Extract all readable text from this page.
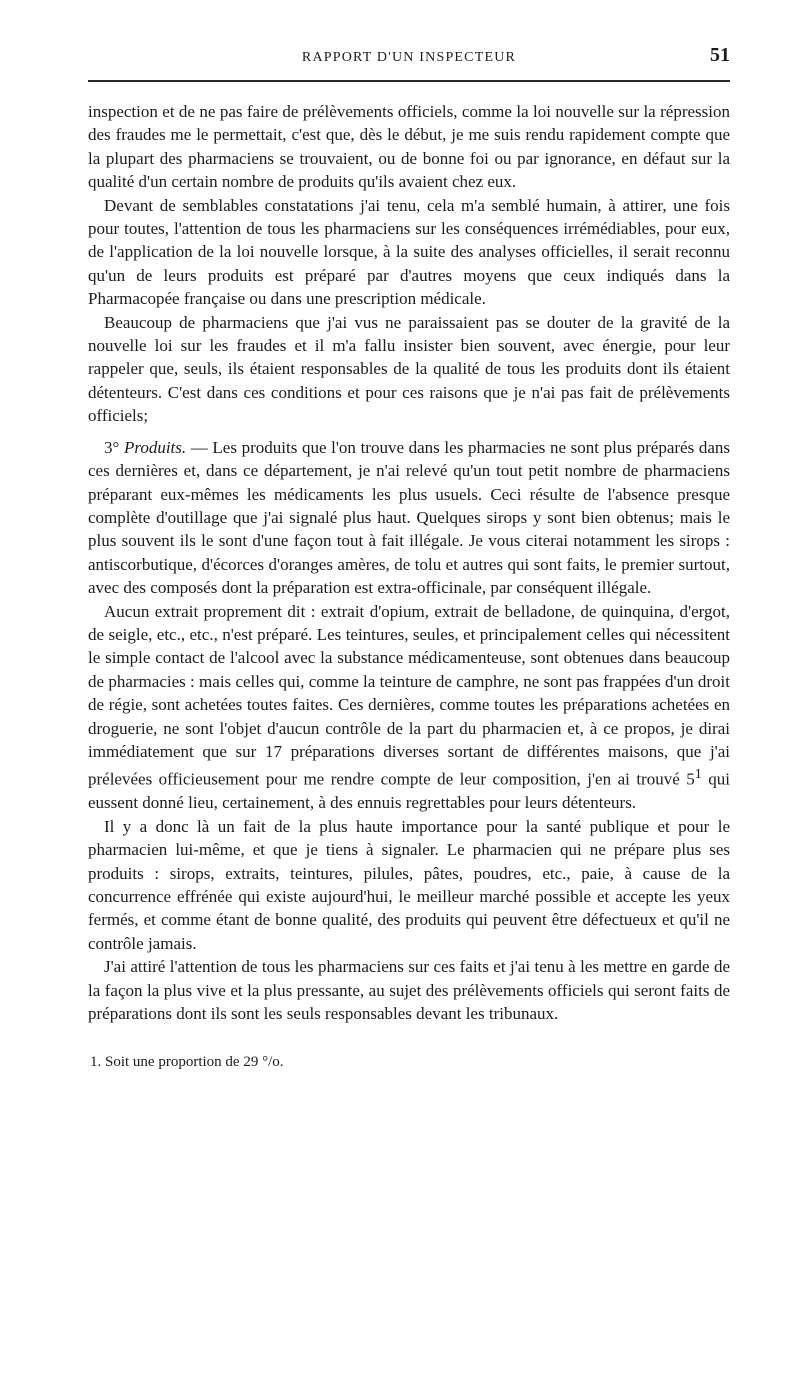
RAPPORT D'UN INSPECTEUR	51

inspection et de ne pas faire de prélèvements officiels, comme la loi nouvelle sur la répression des fraudes me le permettait, c'est que, dès le début, je me suis rendu rapidement compte que la plupart des pharmaciens se trouvaient, ou de bonne foi ou par ignorance, en défaut sur la qualité d'un certain nombre de produits qu'ils avaient chez eux.

Devant de semblables constatations j'ai tenu, cela m'a semblé humain, à attirer, une fois pour toutes, l'attention de tous les pharmaciens sur les conséquences irrémédiables, pour eux, de l'application de la loi nouvelle lorsque, à la suite des analyses officielles, il serait reconnu qu'un de leurs produits est préparé par d'autres moyens que ceux indiqués dans la Pharmacopée française ou dans une prescription médicale.

Beaucoup de pharmaciens que j'ai vus ne paraissaient pas se douter de la gravité de la nouvelle loi sur les fraudes et il m'a fallu insister bien souvent, avec énergie, pour leur rappeler que, seuls, ils étaient responsables de la qualité de tous les produits dont ils étaient détenteurs. C'est dans ces conditions et pour ces raisons que je n'ai pas fait de prélèvements officiels;

3° Produits. — Les produits que l'on trouve dans les pharmacies ne sont plus préparés dans ces dernières et, dans ce département, je n'ai relevé qu'un tout petit nombre de pharmaciens préparant eux-mêmes les médicaments les plus usuels. Ceci résulte de l'absence presque complète d'outillage que j'ai signalé plus haut. Quelques sirops y sont bien obtenus; mais le plus souvent ils le sont d'une façon tout à fait illégale. Je vous citerai notamment les sirops : antiscorbutique, d'écorces d'oranges amères, de tolu et autres qui sont faits, le premier surtout, avec des composés dont la préparation est extra-officinale, par conséquent illégale.

Aucun extrait proprement dit : extrait d'opium, extrait de belladone, de quinquina, d'ergot, de seigle, etc., etc., n'est préparé. Les teintures, seules, et principalement celles qui nécessitent le simple contact de l'alcool avec la substance médicamenteuse, sont obtenues dans beaucoup de pharmacies : mais celles qui, comme la teinture de camphre, ne sont pas frappées d'un droit de régie, sont achetées toutes faites. Ces dernières, comme toutes les préparations achetées en droguerie, ne sont l'objet d'aucun contrôle de la part du pharmacien et, à ce propos, je dirai immédiatement que sur 17 préparations diverses sortant de différentes maisons, que j'ai prélevées officieusement pour me rendre compte de leur composition, j'en ai trouvé $5^1$ qui eussent donné lieu, certainement, à des ennuis regrettables pour leurs détenteurs.

Il y a donc là un fait de la plus haute importance pour la santé publique et pour le pharmacien lui-même, et que je tiens à signaler. Le pharmacien qui ne prépare plus ses produits : sirops, extraits, teintures, pilules, pâtes, poudres, etc., paie, à cause de la concurrence effrénée qui existe aujourd'hui, le meilleur marché possible et accepte les yeux fermés, et comme étant de bonne qualité, des produits qui peuvent être défectueux et qu'il ne contrôle jamais.

J'ai attiré l'attention de tous les pharmaciens sur ces faits et j'ai tenu à les mettre en garde de la façon la plus vive et la plus pressante, au sujet des prélèvements officiels qui seront faits de préparations dont ils sont les seuls responsables devant les tribunaux.

1. Soit une proportion de 29 °/o.
